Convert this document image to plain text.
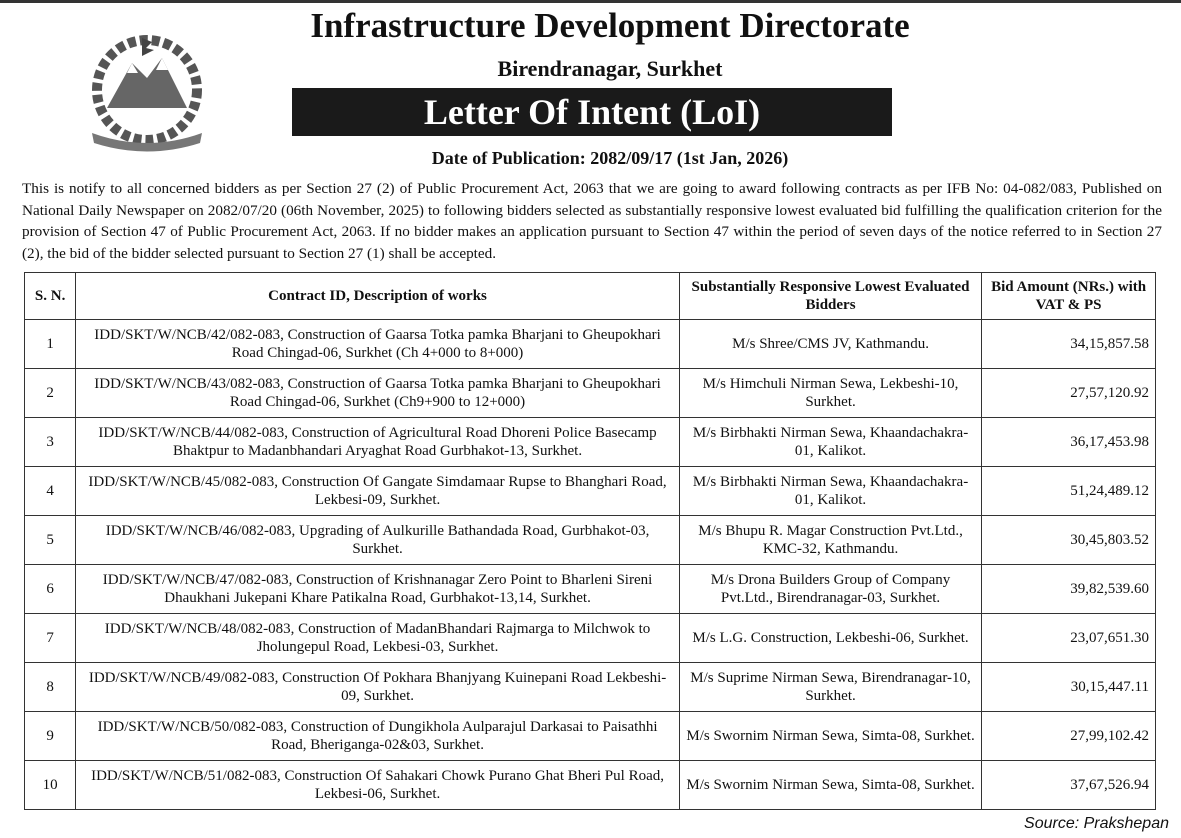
Infrastructure Development Directorate
Birendranagar, Surkhet
Letter Of Intent (LoI)
Date of Publication: 2082/09/17 (1st Jan, 2026)
This is notify to all concerned bidders as per Section 27 (2) of Public Procurement Act, 2063 that we are going to award following contracts as per IFB No: 04-082/083, Published on National Daily Newspaper on 2082/07/20 (06th November, 2025) to following bidders selected as substantially responsive lowest evaluated bid fulfilling the qualification criterion for the provision of Section 47 of Public Procurement Act, 2063. If no bidder makes an application pursuant to Section 47 within the period of seven days of the notice referred to in Section 27 (2), the bid of the bidder selected pursuant to Section 27 (1) shall be accepted.
S. N.	Contract ID, Description of works	Substantially Responsive Lowest Evaluated Bidders	Bid Amount (NRs.) with VAT & PS
1	IDD/SKT/W/NCB/42/082-083, Construction of Gaarsa Totka pamka Bharjani to Gheupokhari Road Chingad-06, Surkhet (Ch 4+000 to 8+000)	M/s Shree/CMS JV, Kathmandu.	34,15,857.58
2	IDD/SKT/W/NCB/43/082-083, Construction of Gaarsa Totka pamka Bharjani to Gheupokhari Road Chingad-06, Surkhet (Ch9+900 to 12+000)	M/s Himchuli Nirman Sewa, Lekbeshi-10, Surkhet.	27,57,120.92
3	IDD/SKT/W/NCB/44/082-083, Construction of Agricultural Road Dhoreni Police Basecamp Bhaktpur to Madanbhandari Aryaghat Road Gurbhakot-13, Surkhet.	M/s Birbhakti Nirman Sewa, Khaandachakra-01, Kalikot.	36,17,453.98
4	IDD/SKT/W/NCB/45/082-083, Construction Of Gangate Simdamaar Rupse to Bhanghari Road, Lekbesi-09, Surkhet.	M/s Birbhakti Nirman Sewa, Khaandachakra-01, Kalikot.	51,24,489.12
5	IDD/SKT/W/NCB/46/082-083, Upgrading of Aulkurille Bathandada Road, Gurbhakot-03, Surkhet.	M/s Bhupu R. Magar Construction Pvt.Ltd., KMC-32, Kathmandu.	30,45,803.52
6	IDD/SKT/W/NCB/47/082-083, Construction of Krishnanagar Zero Point to Bharleni Sireni Dhaukhani Jukepani Khare Patikalna Road, Gurbhakot-13,14, Surkhet.	M/s Drona Builders Group of Company Pvt.Ltd., Birendranagar-03, Surkhet.	39,82,539.60
7	IDD/SKT/W/NCB/48/082-083, Construction of MadanBhandari Rajmarga to Milchwok to Jholungepul Road, Lekbesi-03, Surkhet.	M/s L.G. Construction, Lekbeshi-06, Surkhet.	23,07,651.30
8	IDD/SKT/W/NCB/49/082-083, Construction Of Pokhara Bhanjyang Kuinepani Road Lekbeshi-09, Surkhet.	M/s Suprime Nirman Sewa, Birendranagar-10, Surkhet.	30,15,447.11
9	IDD/SKT/W/NCB/50/082-083, Construction of Dungikhola Aulparajul Darkasai to Paisathhi Road, Bheriganga-02&03, Surkhet.	M/s Swornim Nirman Sewa, Simta-08, Surkhet.	27,99,102.42
10	IDD/SKT/W/NCB/51/082-083, Construction Of Sahakari Chowk Purano Ghat Bheri Pul Road, Lekbesi-06, Surkhet.	M/s Swornim Nirman Sewa, Simta-08, Surkhet.	37,67,526.94
Source: Prakshepan
